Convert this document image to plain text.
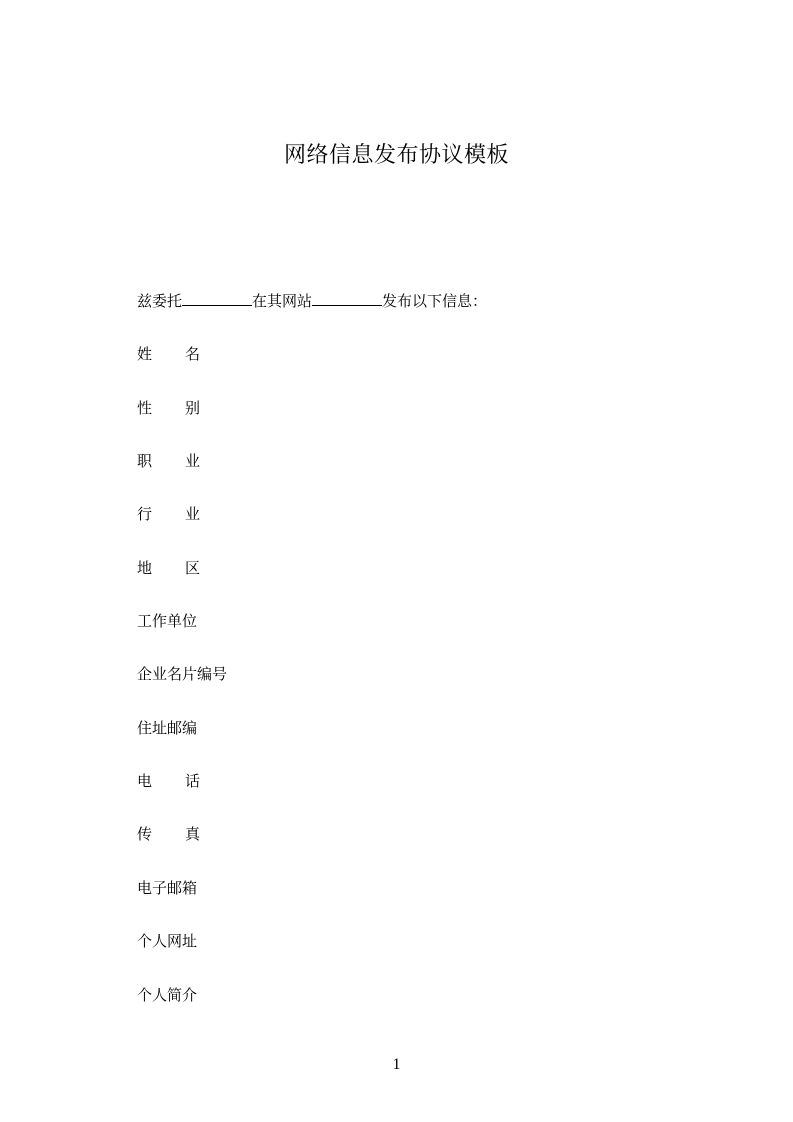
网络信息发布协议模板
兹委托	在其网站	发布以下信息：
姓 名
性 别
职 业
行 业
地 区
工作单位
企业名片编号
住址邮编
电 话
传 真
电子邮箱
个人网址
个人简介
1
